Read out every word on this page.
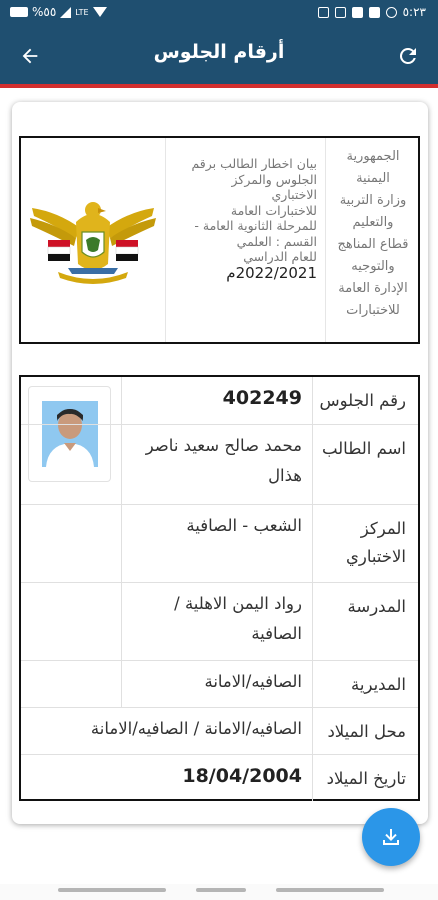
%٥٥ LTE	٥:٢٣
أرقام الجلوس
بيان اخطار الطالب برقم
الجلوس والمركز
الاختباري
للاختبارات العامة
للمرحلة الثانوية العامة -
القسم : العلمي
للعام الدراسي
2022/2021م
الجمهورية
اليمنية
وزارة التربية
والتعليم
قطاع المناهج
والتوجيه
الإدارة العامة
للاختبارات
رقم الجلوس
402249
اسم الطالب
محمد صالح سعيد ناصر هذال
المركز الاختباري
الشعب - الصافية
المدرسة
رواد اليمن الاهلية / الصافية
المديرية
الصافيه/الامانة
محل الميلاد
الصافيه/الامانة / الصافيه/الامانة
تاريخ الميلاد
18/04/2004
